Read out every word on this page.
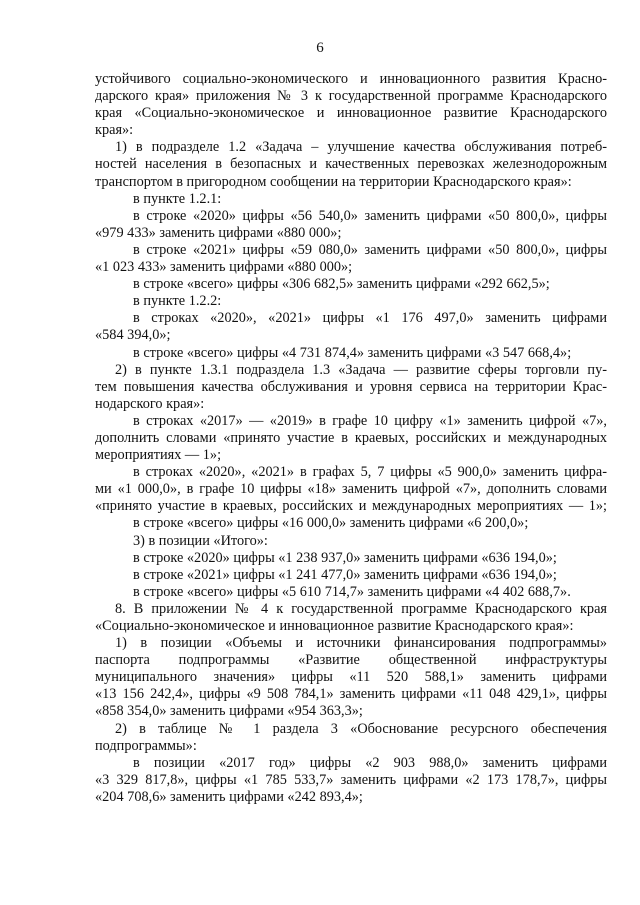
6
устойчивого социально-экономического и инновационного развития Красно-
дарского края» приложения № 3 к государственной программе Краснодарского
края «Социально-экономическое и инновационное развитие Краснодарского
края»:
1) в подразделе 1.2 «Задача – улучшение качества обслуживания потреб-
ностей населения в безопасных и качественных перевозках железнодорожным
транспортом в пригородном сообщении на территории Краснодарского края»:
в пункте 1.2.1:
в строке «2020» цифры «56 540,0» заменить цифрами «50 800,0», цифры
«979 433» заменить цифрами «880 000»;
в строке «2021» цифры «59 080,0» заменить цифрами «50 800,0», цифры
«1 023 433» заменить цифрами «880 000»;
в строке «всего» цифры «306 682,5» заменить цифрами «292 662,5»;
в пункте 1.2.2:
в строках «2020», «2021» цифры «1 176 497,0» заменить цифрами
«584 394,0»;
в строке «всего» цифры «4 731 874,4» заменить цифрами «3 547 668,4»;
2) в пункте 1.3.1 подраздела 1.3 «Задача — развитие сферы торговли пу-
тем повышения качества обслуживания и уровня сервиса на территории Крас-
нодарского края»:
в строках «2017» — «2019» в графе 10 цифру «1» заменить цифрой «7»,
дополнить словами «принято участие в краевых, российских и международных
мероприятиях — 1»;
в строках «2020», «2021» в графах 5, 7 цифры «5 900,0» заменить цифра-
ми «1 000,0», в графе 10 цифры «18» заменить цифрой «7», дополнить словами
«принято участие в краевых, российских и международных мероприятиях — 1»;
в строке «всего» цифры «16 000,0» заменить цифрами «6 200,0»;
3) в позиции «Итого»:
в строке «2020» цифры «1 238 937,0» заменить цифрами «636 194,0»;
в строке «2021» цифры «1 241 477,0» заменить цифрами «636 194,0»;
в строке «всего» цифры «5 610 714,7» заменить цифрами «4 402 688,7».
8. В приложении № 4 к государственной программе Краснодарского края
«Социально-экономическое и инновационное развитие Краснодарского края»:
1) в позиции «Объемы и источники финансирования подпрограммы»
паспорта подпрограммы «Развитие общественной инфраструктуры
муниципального значения» цифры «11 520 588,1» заменить цифрами
«13 156 242,4», цифры «9 508 784,1» заменить цифрами «11 048 429,1», цифры
«858 354,0» заменить цифрами «954 363,3»;
2) в таблице № 1 раздела 3 «Обоснование ресурсного обеспечения
подпрограммы»:
в позиции «2017 год» цифры «2 903 988,0» заменить цифрами
«3 329 817,8», цифры «1 785 533,7» заменить цифрами «2 173 178,7», цифры
«204 708,6» заменить цифрами «242 893,4»;
